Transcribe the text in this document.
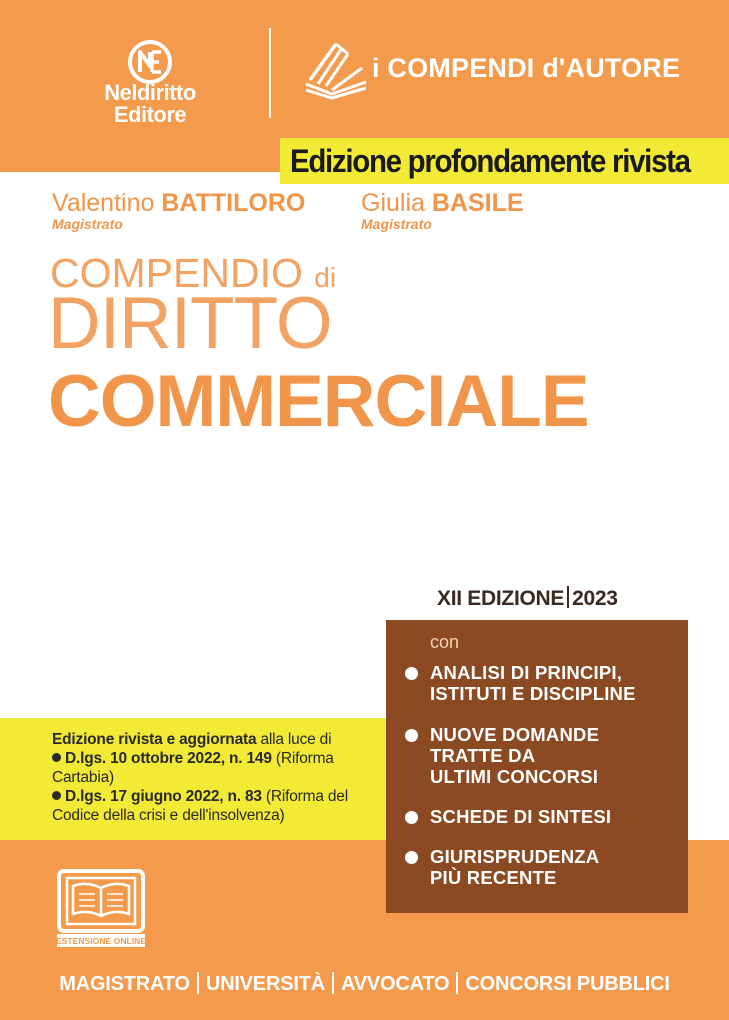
Neldiritto
Editore
i COMPENDI d'AUTORE
Edizione profondamente rivista
Valentino BATTILORO
Magistrato
Giulia BASILE
Magistrato
COMPENDIO di
DIRITTO
COMMERCIALE
XII EDIZIONE 2023
Edizione rivista e aggiornata alla luce di
D.lgs. 10 ottobre 2022, n. 149 (Riforma Cartabia)
D.lgs. 17 giugno 2022, n. 83 (Riforma del Codice della crisi e dell'insolvenza)
con
ANALISI DI PRINCIPI,
ISTITUTI E DISCIPLINE
NUOVE DOMANDE
TRATTE DA
ULTIMI CONCORSI
SCHEDE DI SINTESI
GIURISPRUDENZA
PIÙ RECENTE
ESTENSIONE ONLINE
MAGISTRATO UNIVERSITÀ AVVOCATO CONCORSI PUBBLICI
